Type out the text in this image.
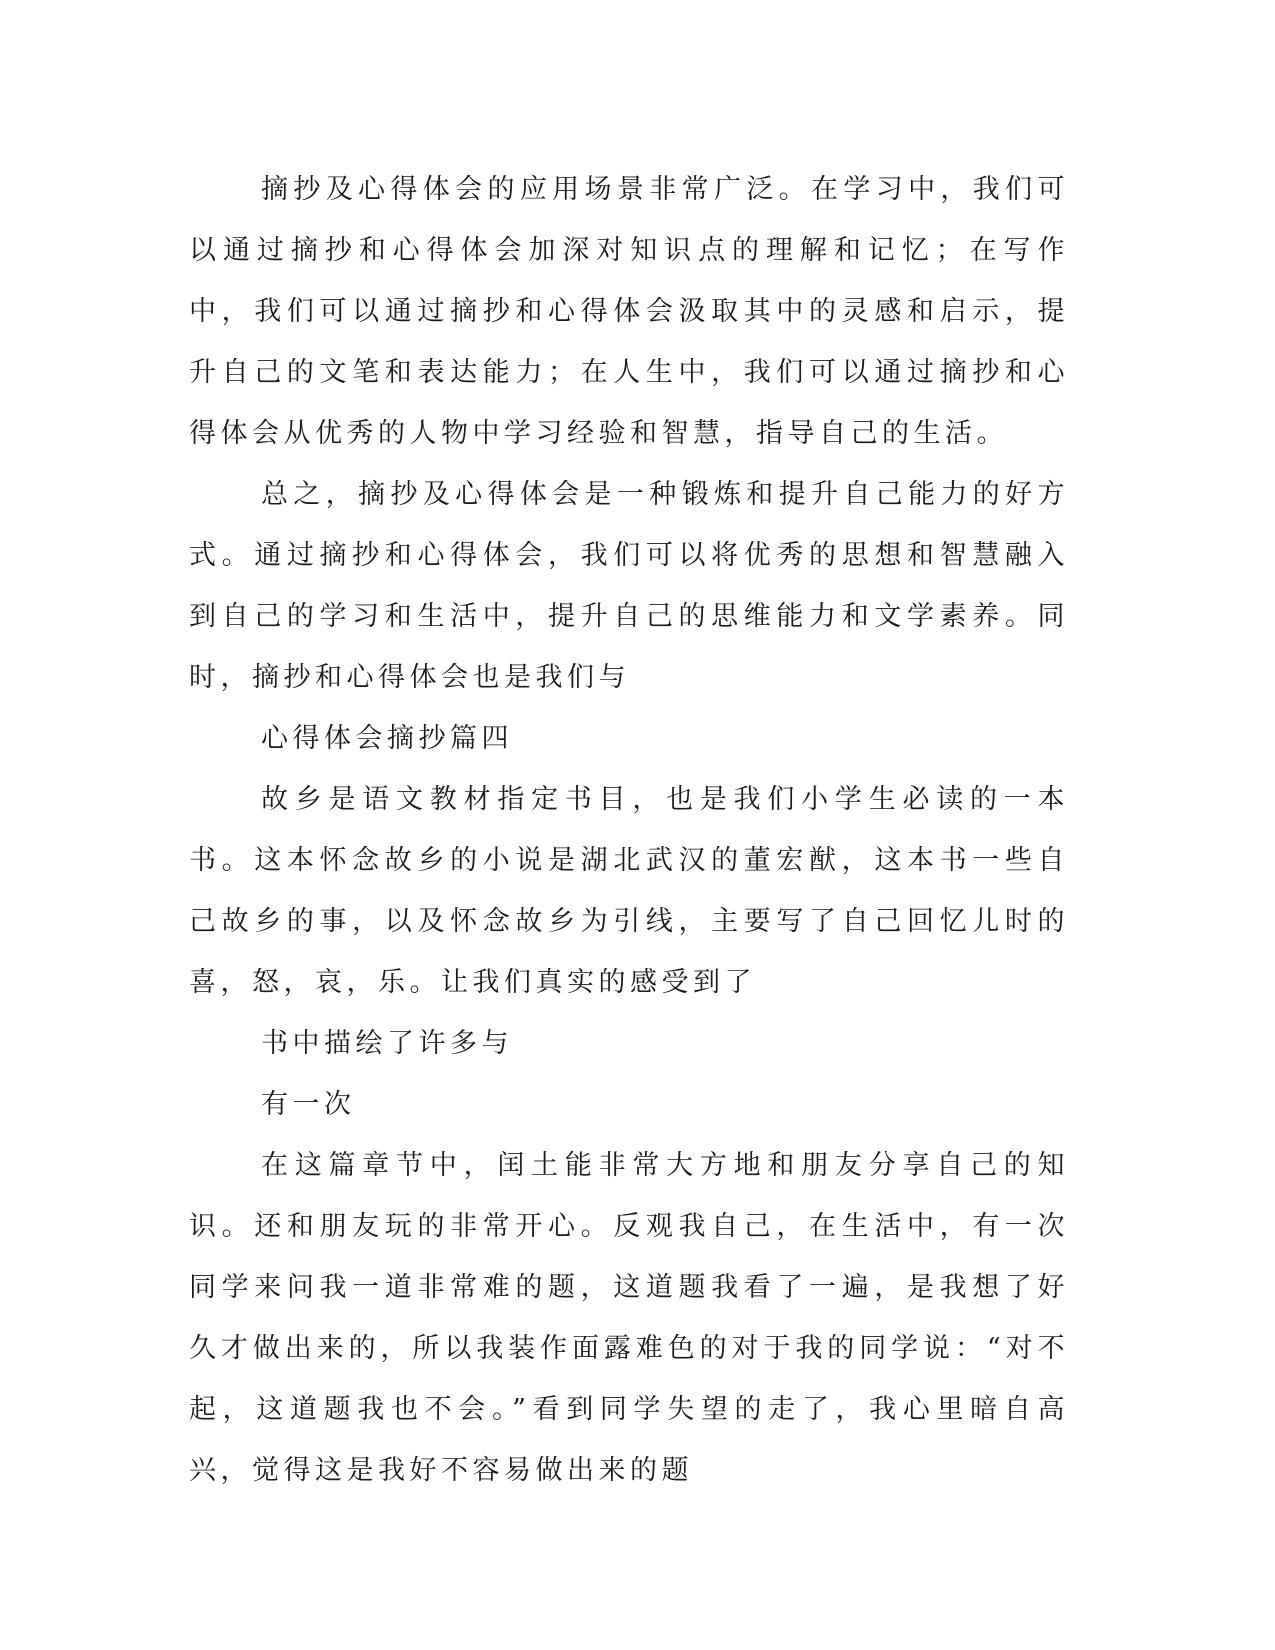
摘抄及心得体会的应用场景非常广泛。在学习中，我们可以通过摘抄和心得体会加深对知识点的理解和记忆；在写作中，我们可以通过摘抄和心得体会汲取其中的灵感和启示，提升自己的文笔和表达能力；在人生中，我们可以通过摘抄和心得体会从优秀的人物中学习经验和智慧，指导自己的生活。

总之，摘抄及心得体会是一种锻炼和提升自己能力的好方式。通过摘抄和心得体会，我们可以将优秀的思想和智慧融入到自己的学习和生活中，提升自己的思维能力和文学素养。同时，摘抄和心得体会也是我们与

心得体会摘抄篇四

故乡是语文教材指定书目，也是我们小学生必读的一本书。这本怀念故乡的小说是湖北武汉的董宏猷，这本书一些自己故乡的事，以及怀念故乡为引线，主要写了自己回忆儿时的喜，怒，哀，乐。让我们真实的感受到了

书中描绘了许多与

有一次

在这篇章节中，闰土能非常大方地和朋友分享自己的知识。还和朋友玩的非常开心。反观我自己，在生活中，有一次同学来问我一道非常难的题，这道题我看了一遍，是我想了好久才做出来的，所以我装作面露难色的对于我的同学说：“对不起，这道题我也不会。”看到同学失望的走了，我心里暗自高兴，觉得这是我好不容易做出来的题
